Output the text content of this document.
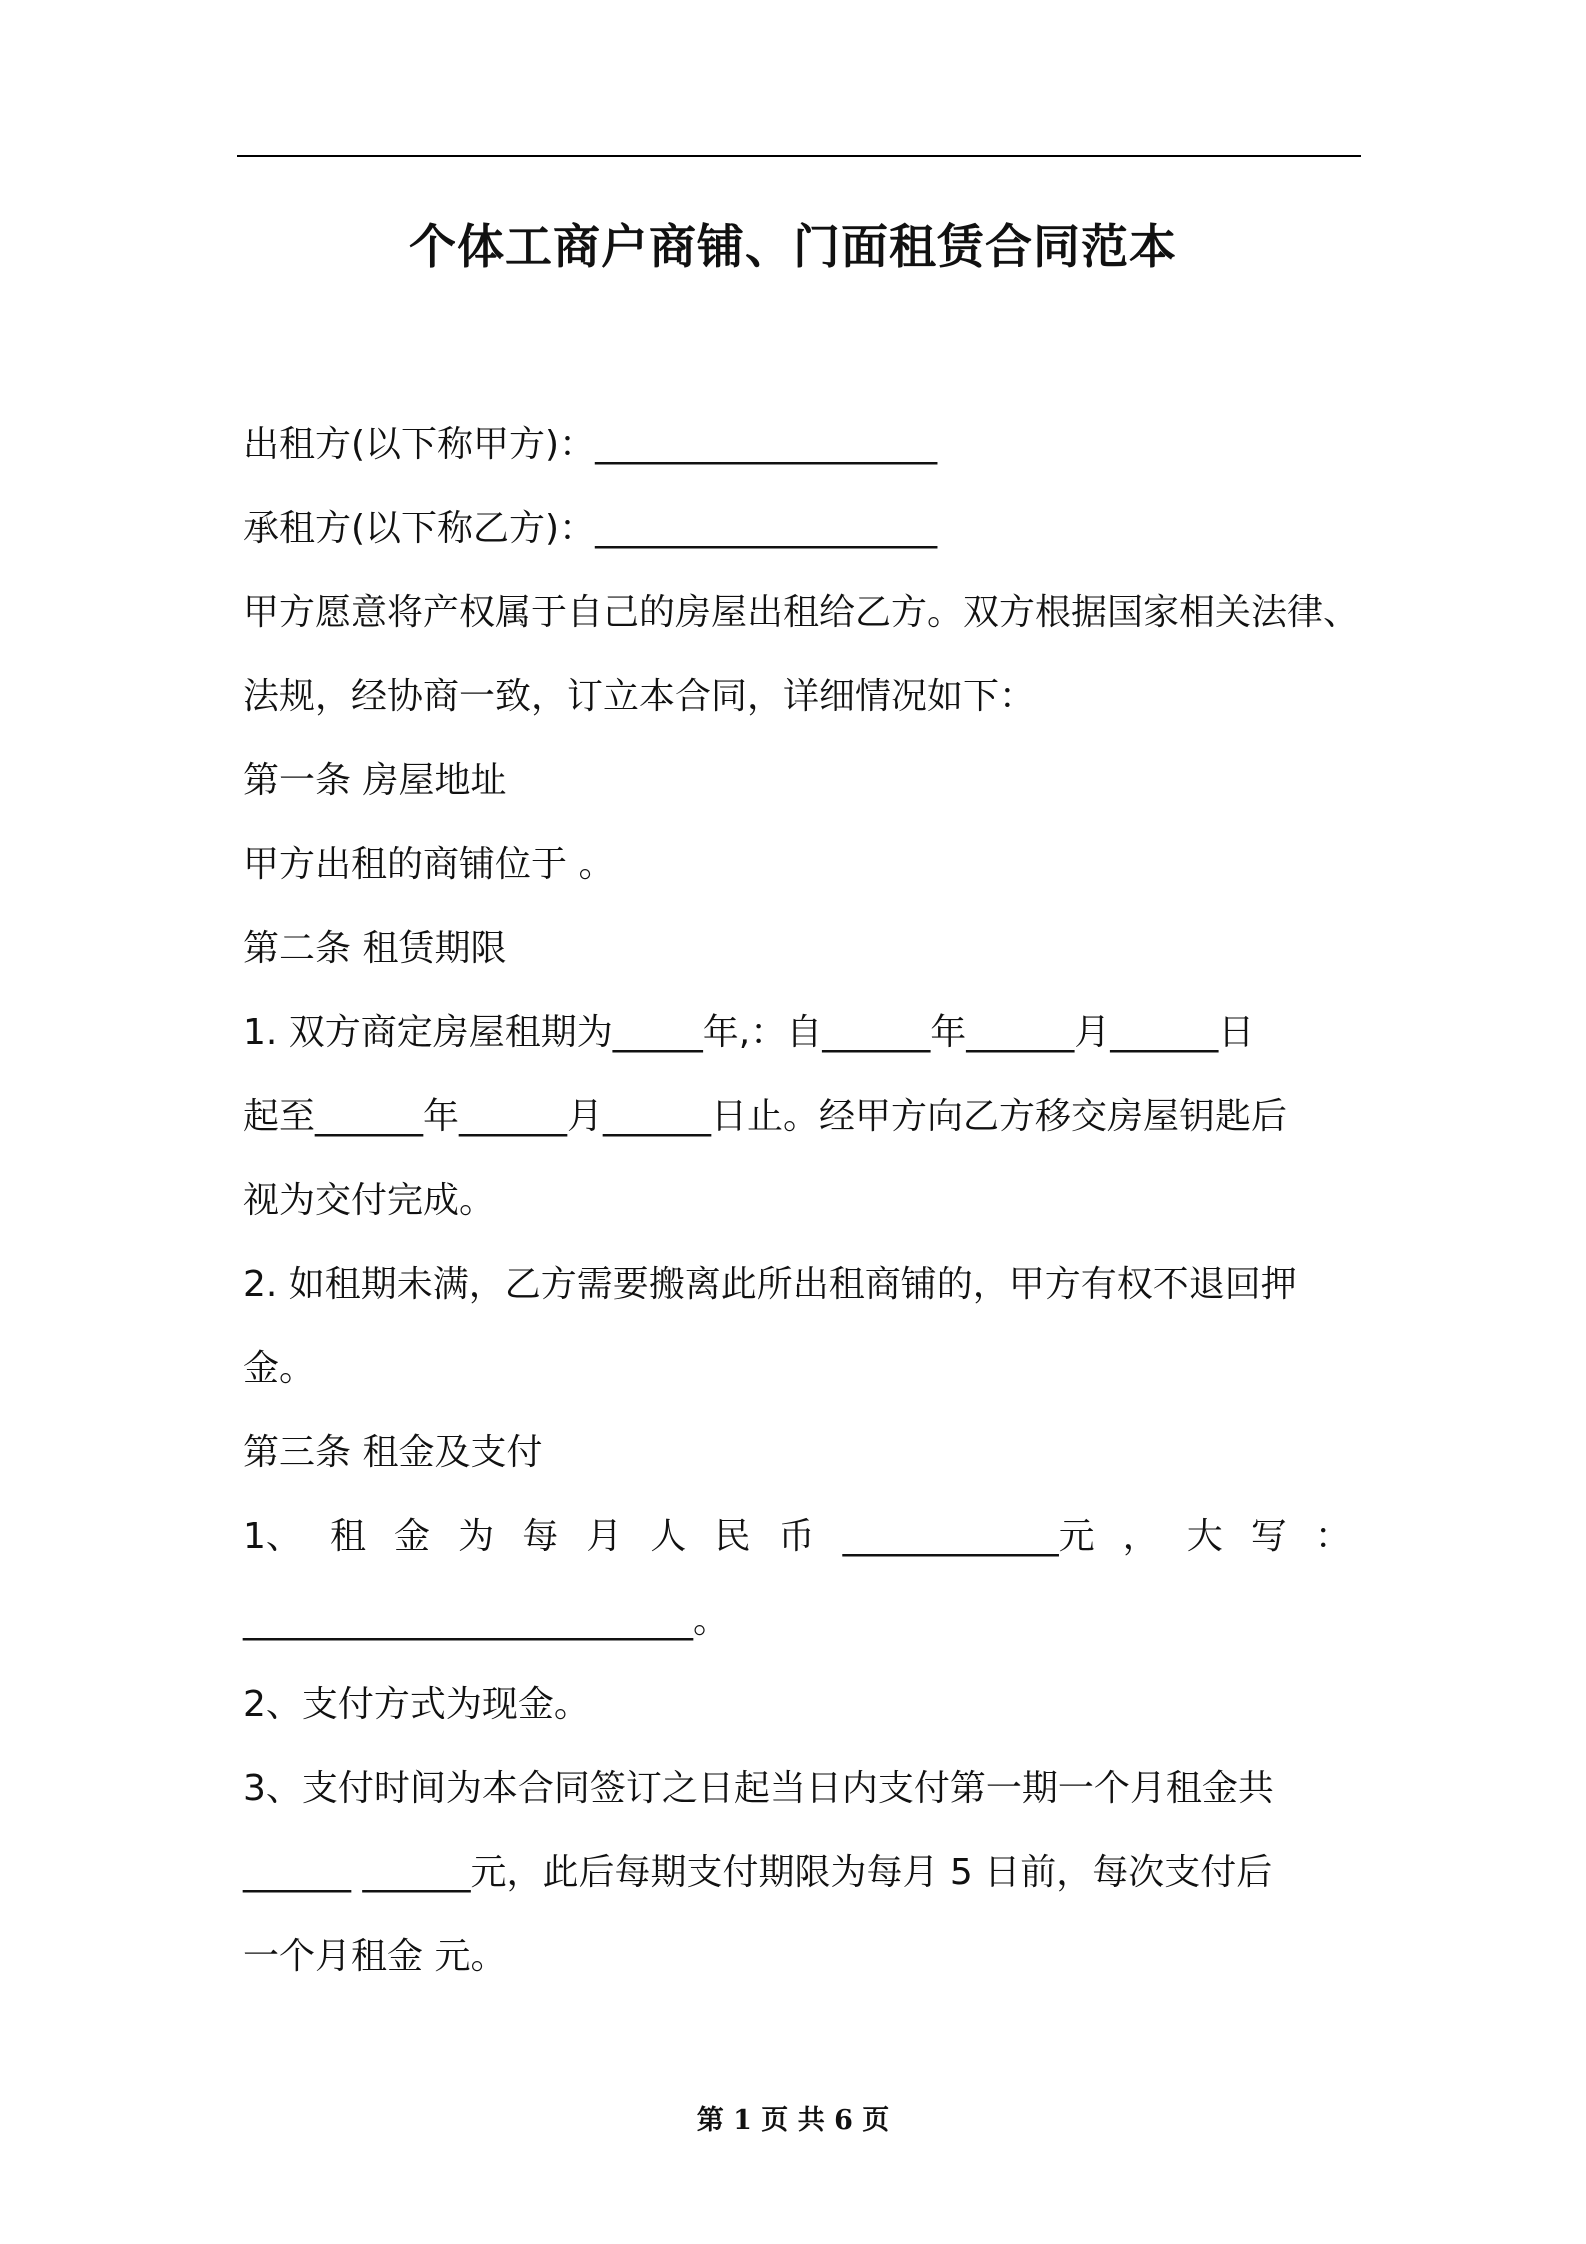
个体工商户商铺、门面租赁合同范本
出租方(以下称甲方)：___________________
承租方(以下称乙方)：___________________
甲方愿意将产权属于自己的房屋出租给乙方。双方根据国家相关法律、
法规，经协商一致，订立本合同，详细情况如下：
第一条 房屋地址
甲方出租的商铺位于 。
第二条 租赁期限
1. 双方商定房屋租期为_____年,：自______年______月______日
起至______年______月______日止。经甲方向乙方移交房屋钥匙后
视为交付完成。
2. 如租期未满，乙方需要搬离此所出租商铺的，甲方有权不退回押
金。
第三条 租金及支付
1、 租 金 为 每 月 人 民 币 ____________元 ， 大 写 ：
_________________________。
2、支付方式为现金。
3、支付时间为本合同签订之日起当日内支付第一期一个月租金共
______ ______元，此后每期支付期限为每月 5 日前，每次支付后
一个月租金 元。
第 1 页 共 6 页
